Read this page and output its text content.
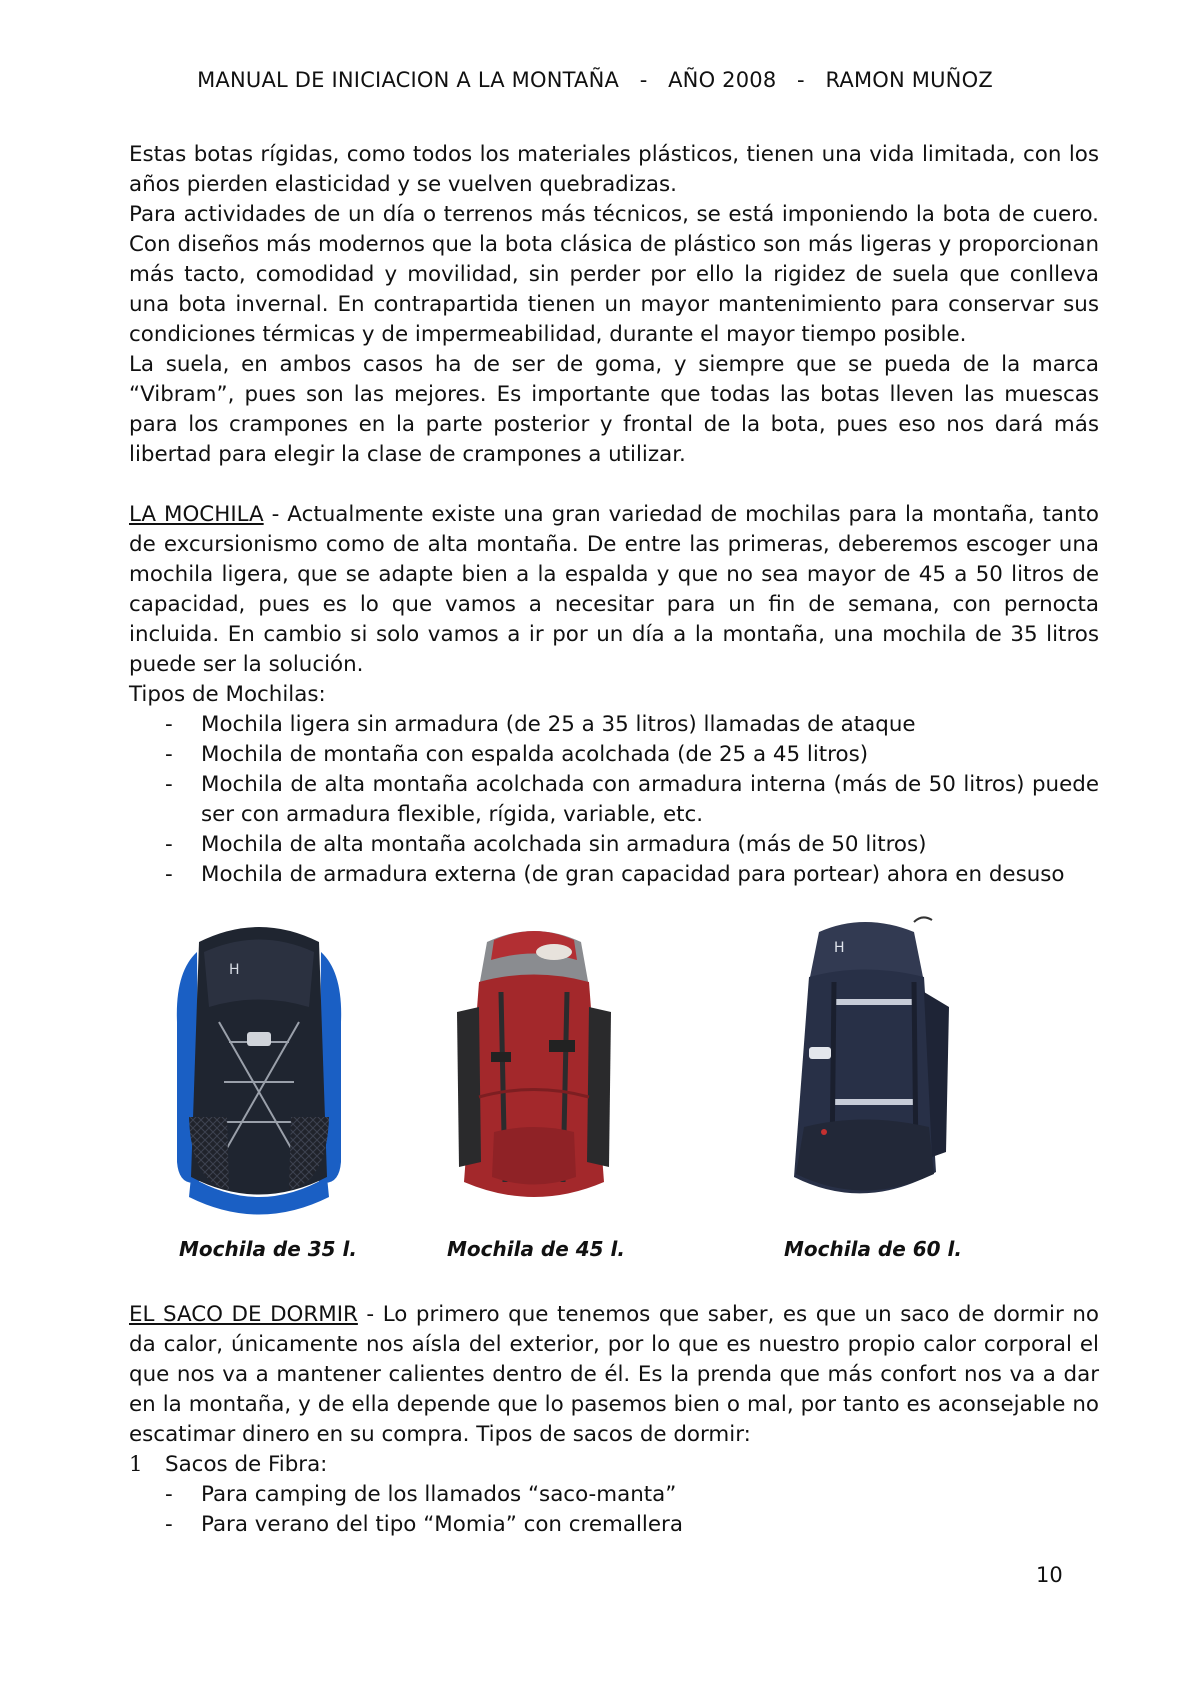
MANUAL DE INICIACION A LA MONTAÑA   -   AÑO 2008   -   RAMON MUÑOZ

Estas botas rígidas, como todos los materiales plásticos, tienen una vida limitada, con los años pierden elasticidad y se vuelven quebradizas.

Para actividades de un día o terrenos más técnicos, se está imponiendo la bota de cuero. Con diseños más modernos que la bota clásica de plástico son más ligeras y proporcionan más tacto, comodidad y movilidad, sin perder por ello la rigidez de suela que conlleva una bota invernal. En contrapartida tienen un mayor mantenimiento para conservar sus condiciones térmicas y de impermeabilidad, durante el mayor tiempo posible.

La suela, en ambos casos ha de ser de goma, y siempre que se pueda de la marca “Vibram”, pues son las mejores. Es importante que todas las botas lleven las muescas para los crampones en la parte posterior y frontal de la bota, pues eso nos dará más libertad para elegir la clase de crampones a utilizar.

LA MOCHILA - Actualmente existe una gran variedad de mochilas para la montaña, tanto de excursionismo como de alta montaña. De entre las primeras, deberemos escoger una mochila ligera, que se adapte bien a la espalda y que no sea mayor de 45 a 50 litros de capacidad, pues es lo que vamos a necesitar para un fin de semana, con pernocta incluida. En cambio si solo vamos a ir por un día a la montaña, una mochila de 35 litros puede ser la solución.

Tipos de Mochilas:

- Mochila ligera sin armadura (de 25 a 35 litros) llamadas de ataque
- Mochila de montaña con espalda acolchada (de 25 a 45 litros)
- Mochila de alta montaña acolchada con armadura interna (más de 50 litros) puede ser con armadura flexible, rígida, variable, etc.
- Mochila de alta montaña acolchada sin armadura (más de 50 litros)
- Mochila de armadura externa (de gran capacidad para portear) ahora en desuso
H
H
Mochila de 35 l.	Mochila de 45 l.	Mochila de 60 l.

EL SACO DE DORMIR - Lo primero que tenemos que saber, es que un saco de dormir no da calor, únicamente nos aísla del exterior, por lo que es nuestro propio calor corporal el que nos va a mantener calientes dentro de él. Es la prenda que más confort nos va a dar en la montaña, y de ella depende que lo pasemos bien o mal, por tanto es aconsejable no escatimar dinero en su compra. Tipos de sacos de dormir:

1 Sacos de Fibra:
- Para camping de los llamados “saco-manta”
- Para verano del tipo “Momia” con cremallera
10
